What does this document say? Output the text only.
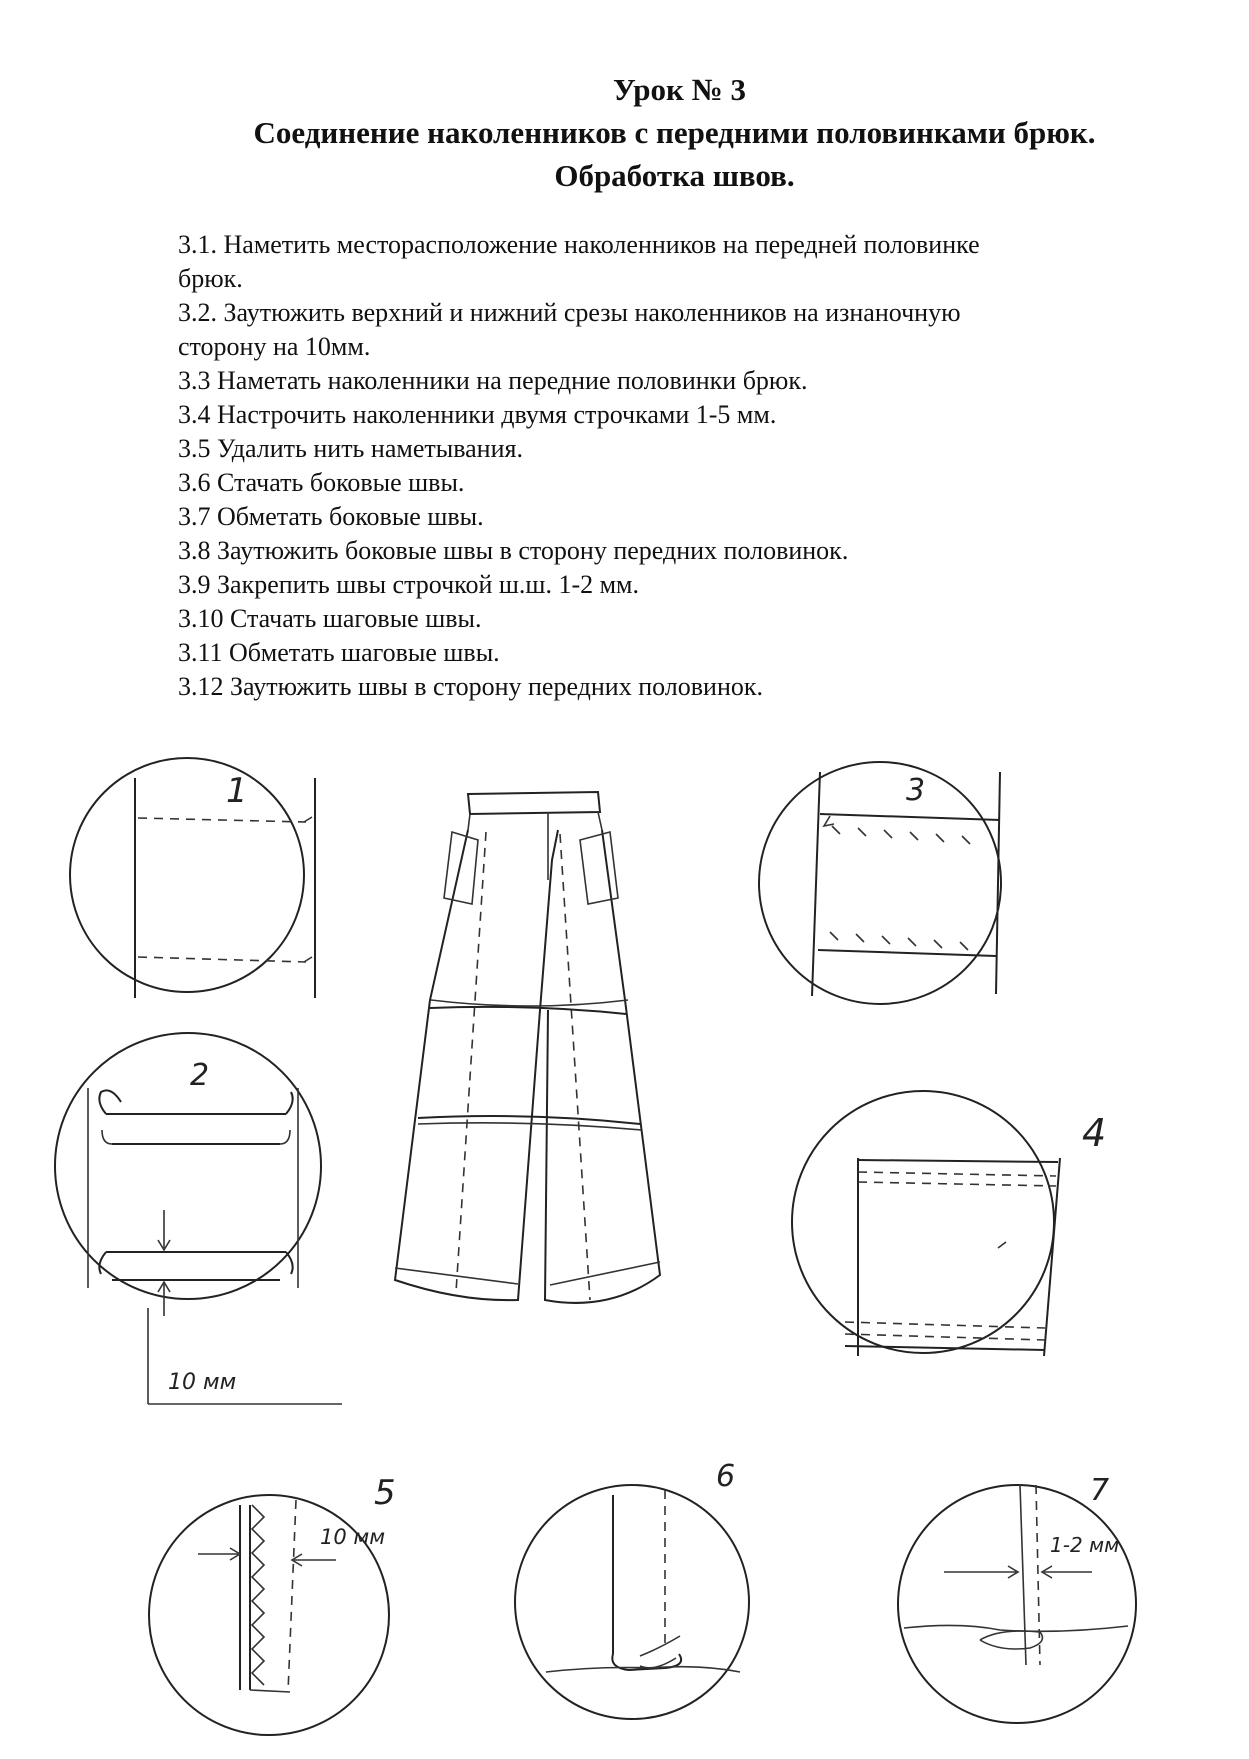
Урок № 3
Соединение наколенников с передними половинками брюк.
Обработка швов.
3.1. Наметить месторасположение наколенников на передней половинке
брюк.
3.2. Заутюжить верхний и нижний срезы наколенников на изнаночную
сторону на 10мм.
3.3 Наметать наколенники на передние половинки брюк.
3.4 Настрочить наколенники двумя строчками 1-5 мм.
3.5 Удалить нить наметывания.
3.6 Стачать боковые швы.
3.7 Обметать боковые швы.
3.8 Заутюжить боковые швы в сторону передних половинок.
3.9 Закрепить швы строчкой ш.ш. 1-2 мм.
3.10 Стачать шаговые швы.
3.11 Обметать шаговые швы.
3.12 Заутюжить швы в сторону передних половинок.
1
2
10 мм
3
4
5
10 мм
6	7
1-2 мм
